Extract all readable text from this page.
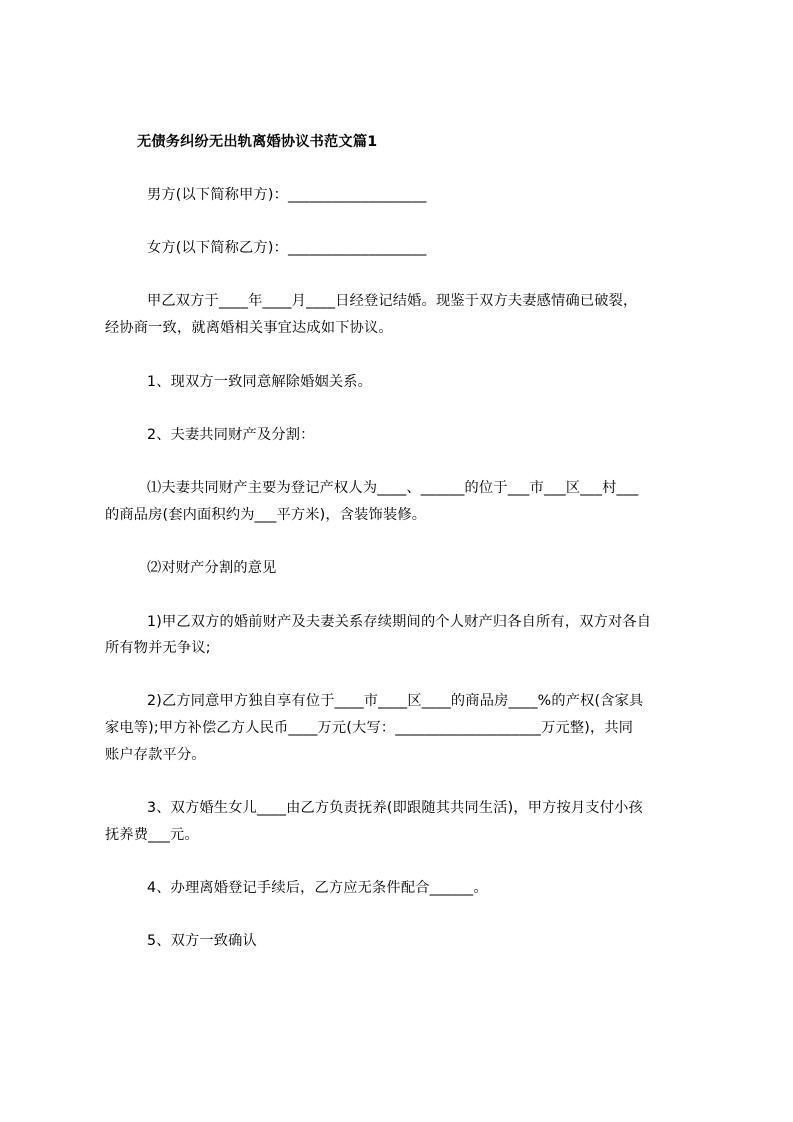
无债务纠纷无出轨离婚协议书范文篇1
男方(以下简称甲方)：___________________
女方(以下简称乙方)：___________________
甲乙双方于____年____月____日经登记结婚。现鉴于双方夫妻感情确已破裂，
经协商一致，就离婚相关事宜达成如下协议。
1、现双方一致同意解除婚姻关系。
2、夫妻共同财产及分割：
⑴夫妻共同财产主要为登记产权人为____、______的位于___市___区___村___
的商品房(套内面积约为___平方米)，含装饰装修。
⑵对财产分割的意见
1)甲乙双方的婚前财产及夫妻关系存续期间的个人财产归各自所有，双方对各自
所有物并无争议;
2)乙方同意甲方独自享有位于____市____区____的商品房____%的产权(含家具
家电等);甲方补偿乙方人民币____万元(大写：____________________万元整)，共同
账户存款平分。
3、双方婚生女儿____由乙方负责抚养(即跟随其共同生活)，甲方按月支付小孩
抚养费___元。
4、办理离婚登记手续后，乙方应无条件配合______。
5、双方一致确认
